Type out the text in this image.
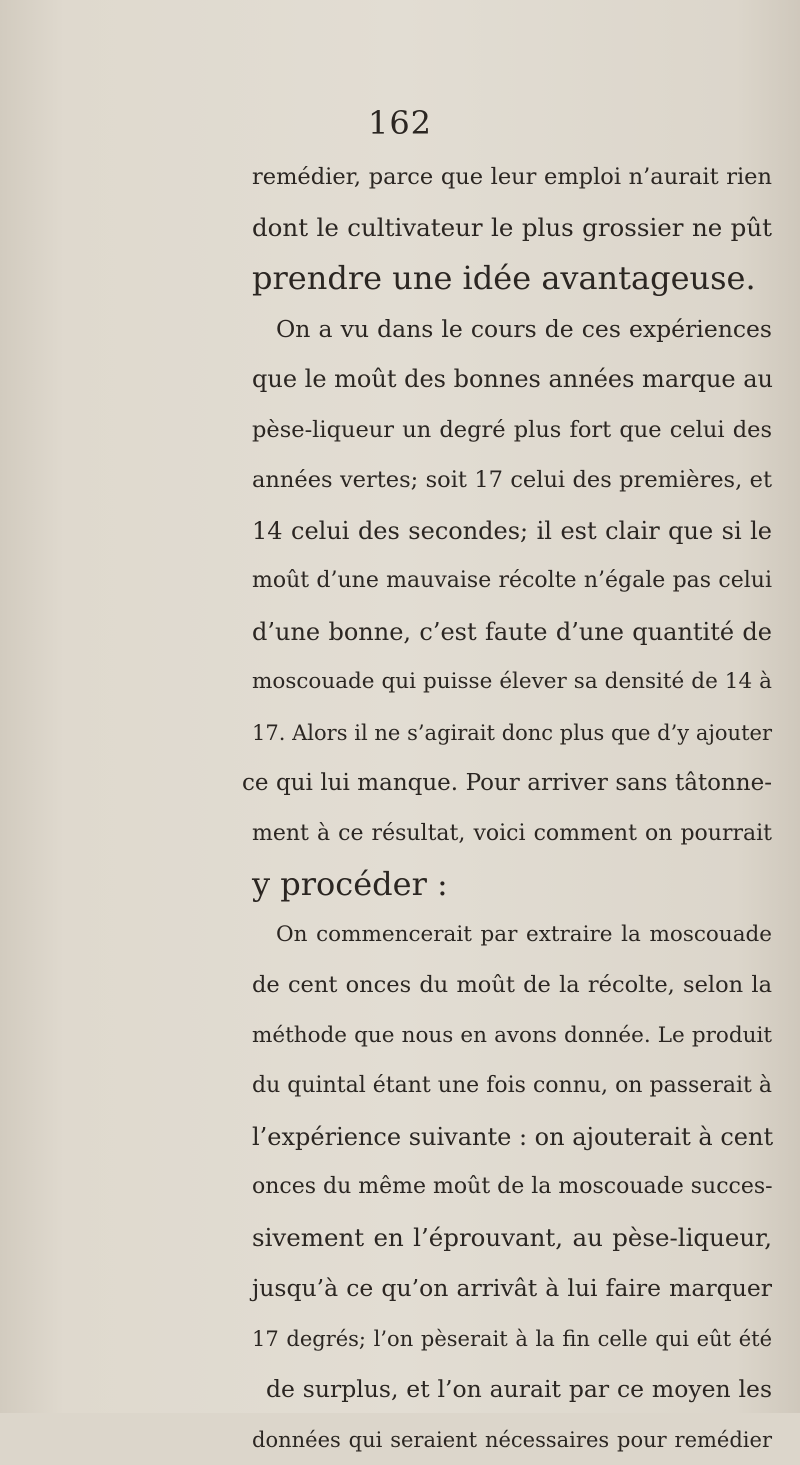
162
remédier, parce que leur emploi n’aurait rien
dont le cultivateur le plus grossier ne pût
prendre une idée avantageuse.
On a vu dans le cours de ces expériences
que le moût des bonnes années marque au
pèse-liqueur un degré plus fort que celui des
années vertes; soit 17 celui des premières, et
14 celui des secondes; il est clair que si le
moût d’une mauvaise récolte n’égale pas celui
d’une bonne, c’est faute d’une quantité de
moscouade qui puisse élever sa densité de 14 à
17. Alors il ne s’agirait donc plus que d’y ajouter
ce qui lui manque. Pour arriver sans tâtonne-
ment à ce résultat, voici comment on pourrait
y procéder :
On commencerait par extraire la moscouade
de cent onces du moût de la récolte, selon la
méthode que nous en avons donnée. Le produit
du quintal étant une fois connu, on passerait à
l’expérience suivante : on ajouterait à cent
onces du même moût de la moscouade succes-
sivement en l’éprouvant, au pèse-liqueur,
jusqu’à ce qu’on arrivât à lui faire marquer
17 degrés; l’on pèserait à la fin celle qui eût été
de surplus, et l’on aurait par ce moyen les
données qui seraient nécessaires pour remédier
